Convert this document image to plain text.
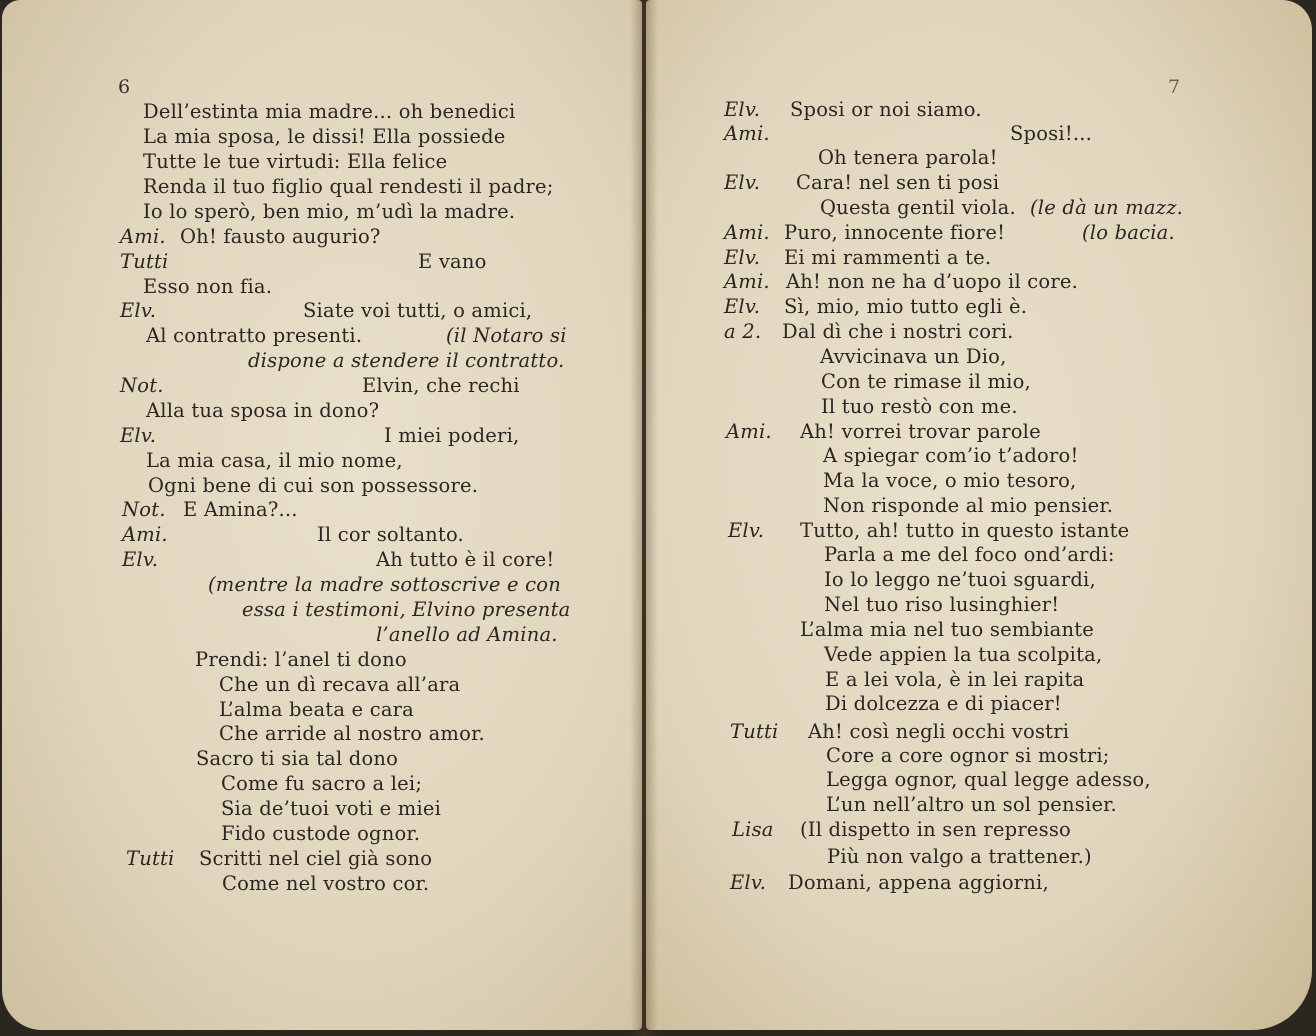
6	7
Dell’estinta mia madre... oh benedici
La mia sposa, le dissi! Ella possiede
Tutte le tue virtudi: Ella felice
Renda il tuo figlio qual rendesti il padre;
Io lo sperò, ben mio, m’udì la madre.
Ami. Oh! fausto augurio?
Tutti	E vano
Esso non fia.
Elv.	Siate voi tutti, o amici,
Al contratto presenti.	(il Notaro si
dispone a stendere il contratto.
Not.	Elvin, che rechi
Alla tua sposa in dono?
Elv.	I miei poderi,
La mia casa, il mio nome,
Ogni bene di cui son possessore.
Not. E Amina?...
Ami.	Il cor soltanto.
Elv.	Ah tutto è il core!
(mentre la madre sottoscrive e con
essa i testimoni, Elvino presenta
l’anello ad Amina.
Prendi: l’anel ti dono
Che un dì recava all’ara
L’alma beata e cara
Che arride al nostro amor.
Sacro ti sia tal dono
Come fu sacro a lei;
Sia de’tuoi voti e miei
Fido custode ognor.
Tutti Scritti nel ciel già sono
Come nel vostro cor.
Elv. Sposi or noi siamo.
Ami.	Sposi!...
Oh tenera parola!
Elv. Cara! nel sen ti posi
Questa gentil viola. (le dà un mazz.
Ami. Puro, innocente fiore!	(lo bacia.
Elv. Ei mi rammenti a te.
Ami. Ah! non ne ha d’uopo il core.
Elv. Sì, mio, mio tutto egli è.
a 2. Dal dì che i nostri cori.
Avvicinava un Dio,
Con te rimase il mio,
Il tuo restò con me.
Ami. Ah! vorrei trovar parole
A spiegar com’io t’adoro!
Ma la voce, o mio tesoro,
Non risponde al mio pensier.
Elv. Tutto, ah! tutto in questo istante
Parla a me del foco ond’ardi:
Io lo leggo ne’tuoi sguardi,
Nel tuo riso lusinghier!
L’alma mia nel tuo sembiante
Vede appien la tua scolpita,
E a lei vola, è in lei rapita
Di dolcezza e di piacer!
Tutti Ah! così negli occhi vostri
Core a core ognor si mostri;
Legga ognor, qual legge adesso,
L’un nell’altro un sol pensier.
Lisa (Il dispetto in sen represso
Più non valgo a trattener.)
Elv. Domani, appena aggiorni,
